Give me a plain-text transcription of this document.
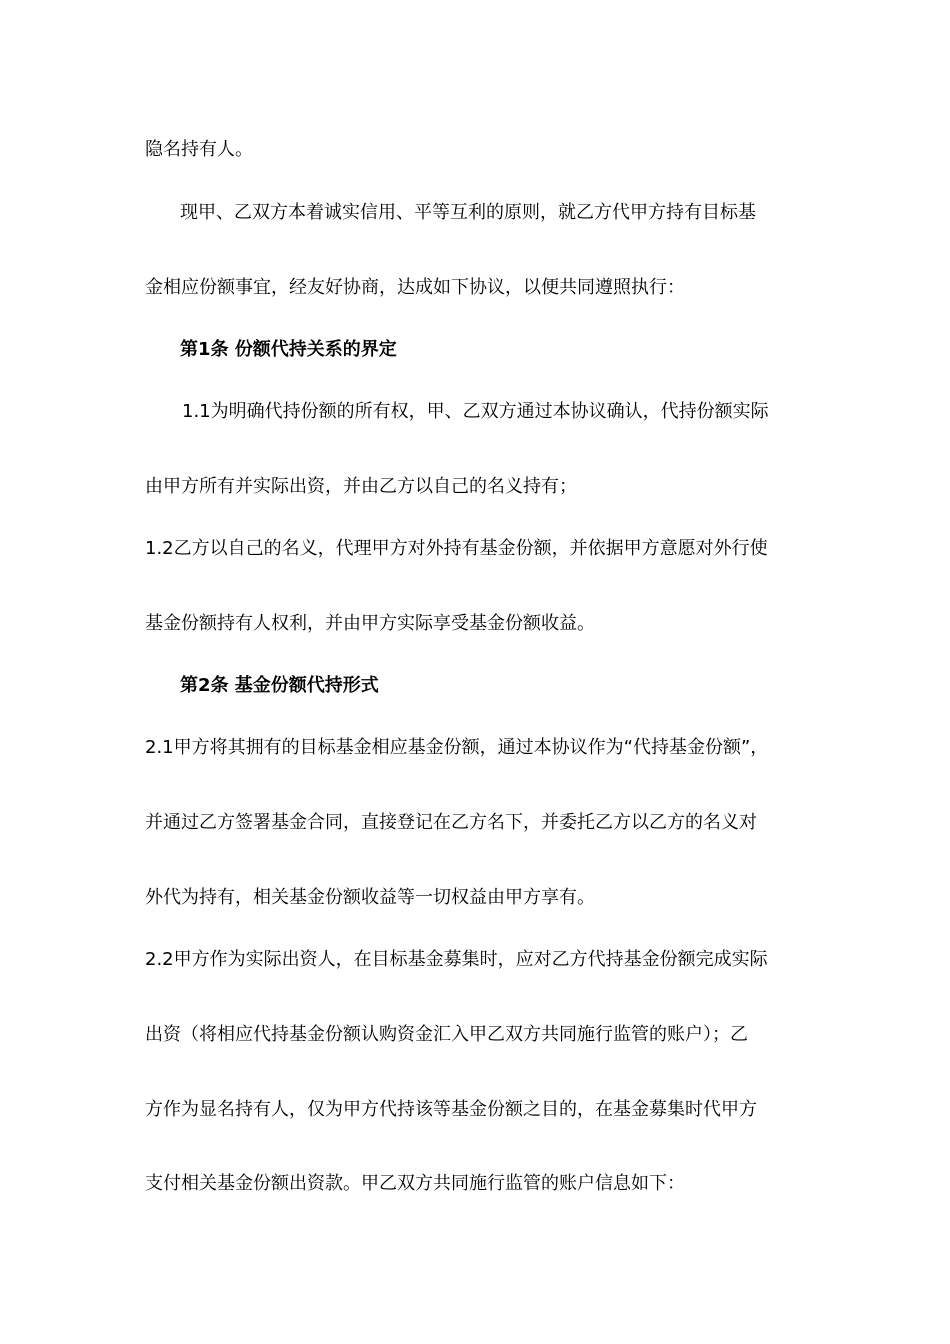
隐名持有人。
现甲、乙双方本着诚实信用、平等互利的原则，就乙方代甲方持有目标基
金相应份额事宜，经友好协商，达成如下协议，以便共同遵照执行：
第1条 份额代持关系的界定
1.1为明确代持份额的所有权，甲、乙双方通过本协议确认，代持份额实际
由甲方所有并实际出资，并由乙方以自己的名义持有；
1.2乙方以自己的名义，代理甲方对外持有基金份额，并依据甲方意愿对外行使
基金份额持有人权利，并由甲方实际享受基金份额收益。
第2条 基金份额代持形式
2.1甲方将其拥有的目标基金相应基金份额，通过本协议作为“代持基金份额”，
并通过乙方签署基金合同，直接登记在乙方名下，并委托乙方以乙方的名义对
外代为持有，相关基金份额收益等一切权益由甲方享有。
2.2甲方作为实际出资人，在目标基金募集时，应对乙方代持基金份额完成实际
出资（将相应代持基金份额认购资金汇入甲乙双方共同施行监管的账户）；乙
方作为显名持有人，仅为甲方代持该等基金份额之目的，在基金募集时代甲方
支付相关基金份额出资款。甲乙双方共同施行监管的账户信息如下：
